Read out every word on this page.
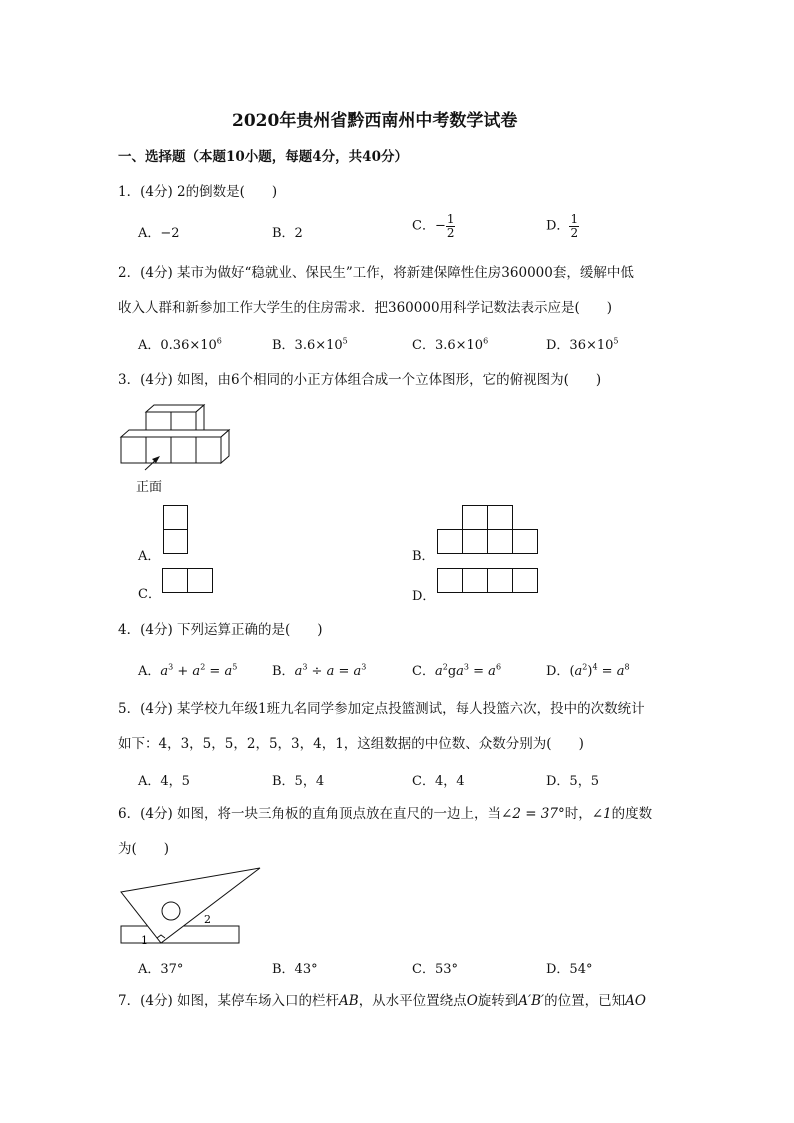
2020年贵州省黔西南州中考数学试卷
一、选择题（本题10小题，每题4分，共40分）
1．(4分) 2的倒数是(　　)
A．−2	B．2	C．− $\frac{1}{2}$	D． $\frac{1}{2}$
2．(4分) 某市为做好“稳就业、保民生”工作，将新建保障性住房360000套，缓解中低
收入人群和新参加工作大学生的住房需求．把360000用科学记数法表示应是(　　)
A．$0.36\times 10^6$	B．$3.6\times 10^5$	C．$3.6\times 10^6$	D．$36\times 10^5$
3．(4分) 如图，由6个相同的小正方体组合成一个立体图形，它的俯视图为(　　)
正面
A．	B．
C．	D．
4．(4分) 下列运算正确的是(　　)
A．$a^3 + a^2 = a^5$	B．$a^3 \div a = a^3$	C．$a^2ga^3 = a^6$	D．$(a^2)^4 = a^8$
5．(4分) 某学校九年级1班九名同学参加定点投篮测试，每人投篮六次，投中的次数统计
如下：4，3，5，5，2，5，3，4，1，这组数据的中位数、众数分别为(　　)
A．4，5	B．5，4	C．4，4	D．5，5
6．(4分) 如图，将一块三角板的直角顶点放在直尺的一边上，当∠2 = 37°时，∠1的度数
为(　　)
1
2
A．37°	B．43°	C．53°	D．54°
7．(4分) 如图，某停车场入口的栏杆AB，从水平位置绕点O旋转到A′B′的位置，已知AO
